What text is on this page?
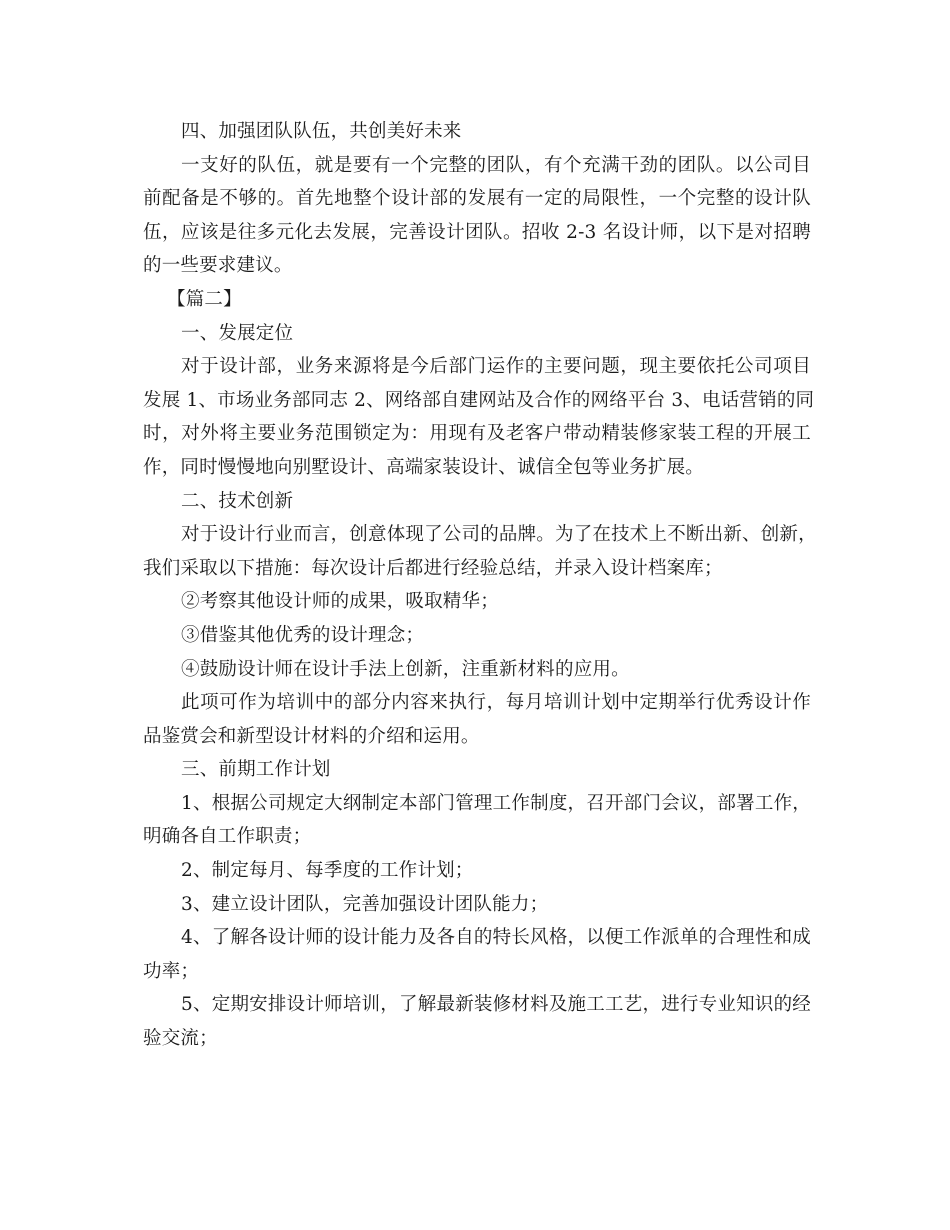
四、加强团队队伍，共创美好未来
一支好的队伍，就是要有一个完整的团队，有个充满干劲的团队。以公司目
前配备是不够的。首先地整个设计部的发展有一定的局限性，一个完整的设计队
伍，应该是往多元化去发展，完善设计团队。招收 2-3 名设计师，以下是对招聘
的一些要求建议。
【篇二】
一、发展定位
对于设计部，业务来源将是今后部门运作的主要问题，现主要依托公司项目
发展 1、市场业务部同志 2、网络部自建网站及合作的网络平台 3、电话营销的同
时，对外将主要业务范围锁定为：用现有及老客户带动精装修家装工程的开展工
作，同时慢慢地向别墅设计、高端家装设计、诚信全包等业务扩展。
二、技术创新
对于设计行业而言，创意体现了公司的品牌。为了在技术上不断出新、创新，
我们采取以下措施：每次设计后都进行经验总结，并录入设计档案库；
②考察其他设计师的成果，吸取精华；
③借鉴其他优秀的设计理念；
④鼓励设计师在设计手法上创新，注重新材料的应用。
此项可作为培训中的部分内容来执行，每月培训计划中定期举行优秀设计作
品鉴赏会和新型设计材料的介绍和运用。
三、前期工作计划
1、根据公司规定大纲制定本部门管理工作制度，召开部门会议，部署工作，
明确各自工作职责；
2、制定每月、每季度的工作计划；
3、建立设计团队，完善加强设计团队能力；
4、了解各设计师的设计能力及各自的特长风格，以便工作派单的合理性和成
功率；
5、定期安排设计师培训，了解最新装修材料及施工工艺，进行专业知识的经
验交流；
